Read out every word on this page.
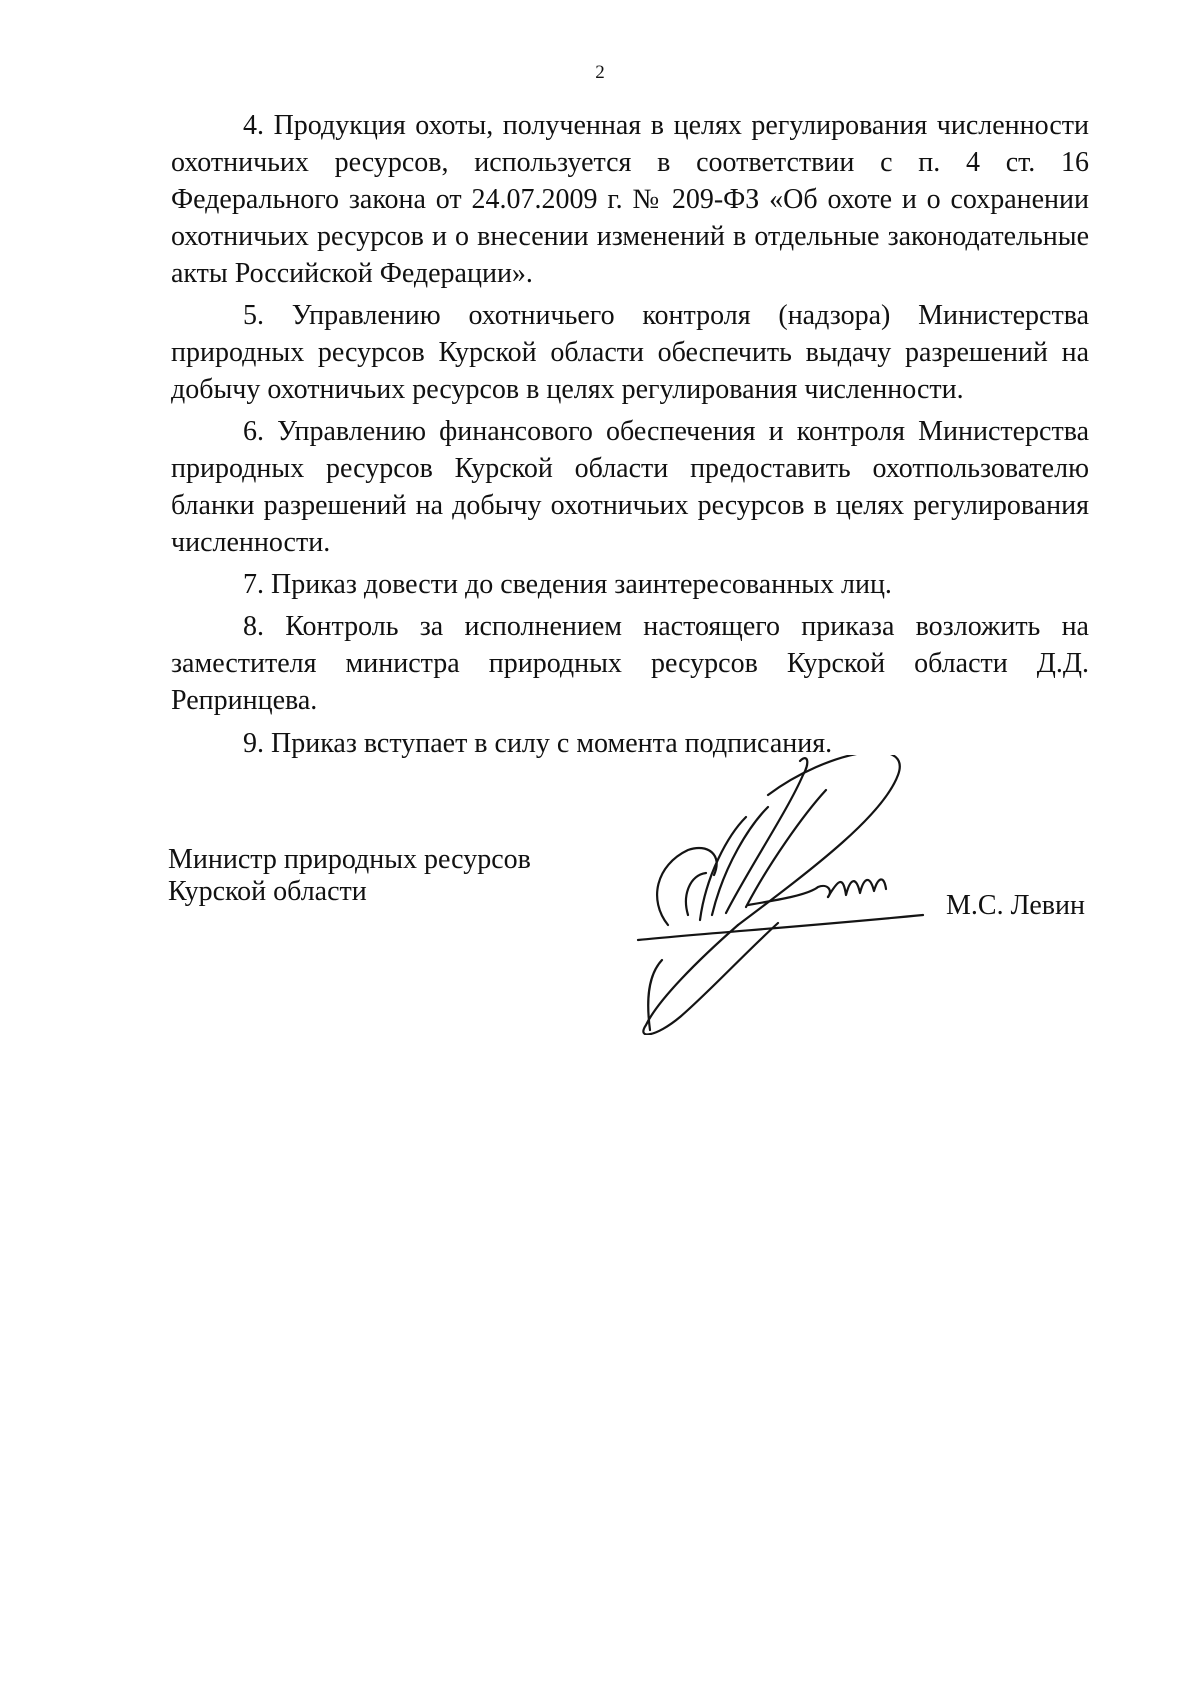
2

4. Продукция охоты, полученная в целях регулирования численности охотничьих ресурсов, используется в соответствии с п. 4 ст. 16 Федерального закона от 24.07.2009 г. № 209-ФЗ «Об охоте и о сохранении охотничьих ресурсов и о внесении изменений в отдельные законодательные акты Российской Федерации».

5. Управлению охотничьего контроля (надзора) Министерства природных ресурсов Курской области обеспечить выдачу разрешений на добычу охотничьих ресурсов в целях регулирования численности.

6. Управлению финансового обеспечения и контроля Министерства природных ресурсов Курской области предоставить охотпользователю бланки разрешений на добычу охотничьих ресурсов в целях регулирования численности.

7. Приказ довести до сведения заинтересованных лиц.

8. Контроль за исполнением настоящего приказа возложить на заместителя министра природных ресурсов Курской области Д.Д. Репринцева.

9. Приказ вступает в силу с момента подписания.

Министр природных ресурсов
Курской области	М.С. Левин
